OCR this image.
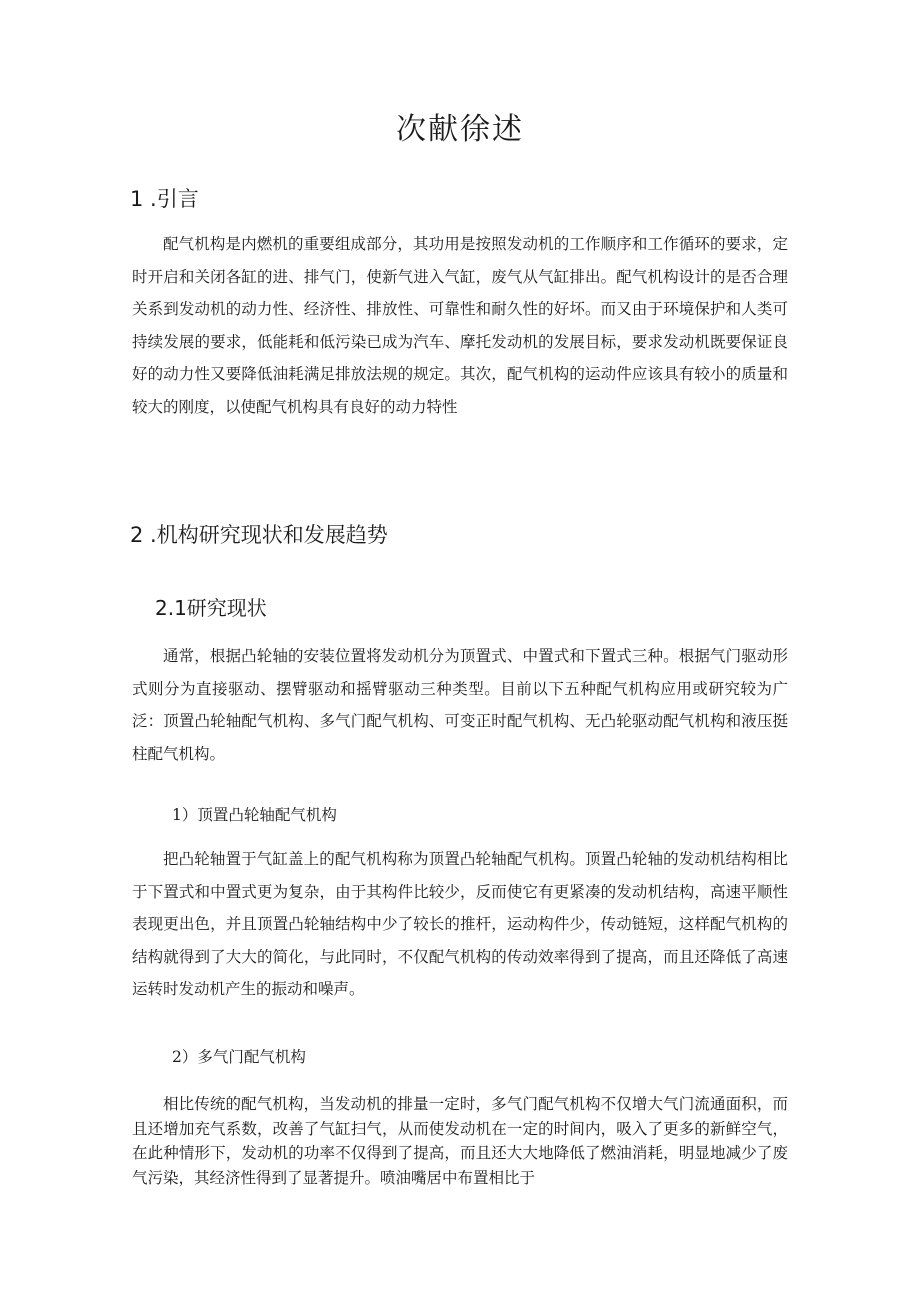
次献徐述
1 .引言

配气机构是内燃机的重要组成部分，其功用是按照发动机的工作顺序和工作循环的要求，定时开启和关闭各缸的进、排气门，使新气进入气缸，废气从气缸排出。配气机构设计的是否合理关系到发动机的动力性、经济性、排放性、可靠性和耐久性的好坏。而又由于环境保护和人类可持续发展的要求，低能耗和低污染已成为汽车、摩托发动机的发展目标，要求发动机既要保证良好的动力性又要降低油耗满足排放法规的规定。其次，配气机构的运动件应该具有较小的质量和较大的刚度，以使配气机构具有良好的动力特性

2 .机构研究现状和发展趋势
2.1研究现状

通常，根据凸轮轴的安装位置将发动机分为顶置式、中置式和下置式三种。根据气门驱动形式则分为直接驱动、摆臂驱动和摇臂驱动三种类型。目前以下五种配气机构应用或研究较为广泛：顶置凸轮轴配气机构、多气门配气机构、可变正时配气机构、无凸轮驱动配气机构和液压挺柱配气机构。

1）顶置凸轮轴配气机构

把凸轮轴置于气缸盖上的配气机构称为顶置凸轮轴配气机构。顶置凸轮轴的发动机结构相比于下置式和中置式更为复杂，由于其构件比较少，反而使它有更紧凑的发动机结构，高速平顺性表现更出色，并且顶置凸轮轴结构中少了较长的推杆，运动构件少，传动链短，这样配气机构的结构就得到了大大的简化，与此同时，不仅配气机构的传动效率得到了提高，而且还降低了高速运转时发动机产生的振动和噪声。

2）多气门配气机构

相比传统的配气机构，当发动机的排量一定时，多气门配气机构不仅增大气门流通面积，而且还增加充气系数，改善了气缸扫气，从而使发动机在一定的时间内，吸入了更多的新鲜空气，在此种情形下，发动机的功率不仅得到了提高，而且还大大地降低了燃油消耗，明显地减少了废气污染，其经济性得到了显著提升。喷油嘴居中布置相比于
